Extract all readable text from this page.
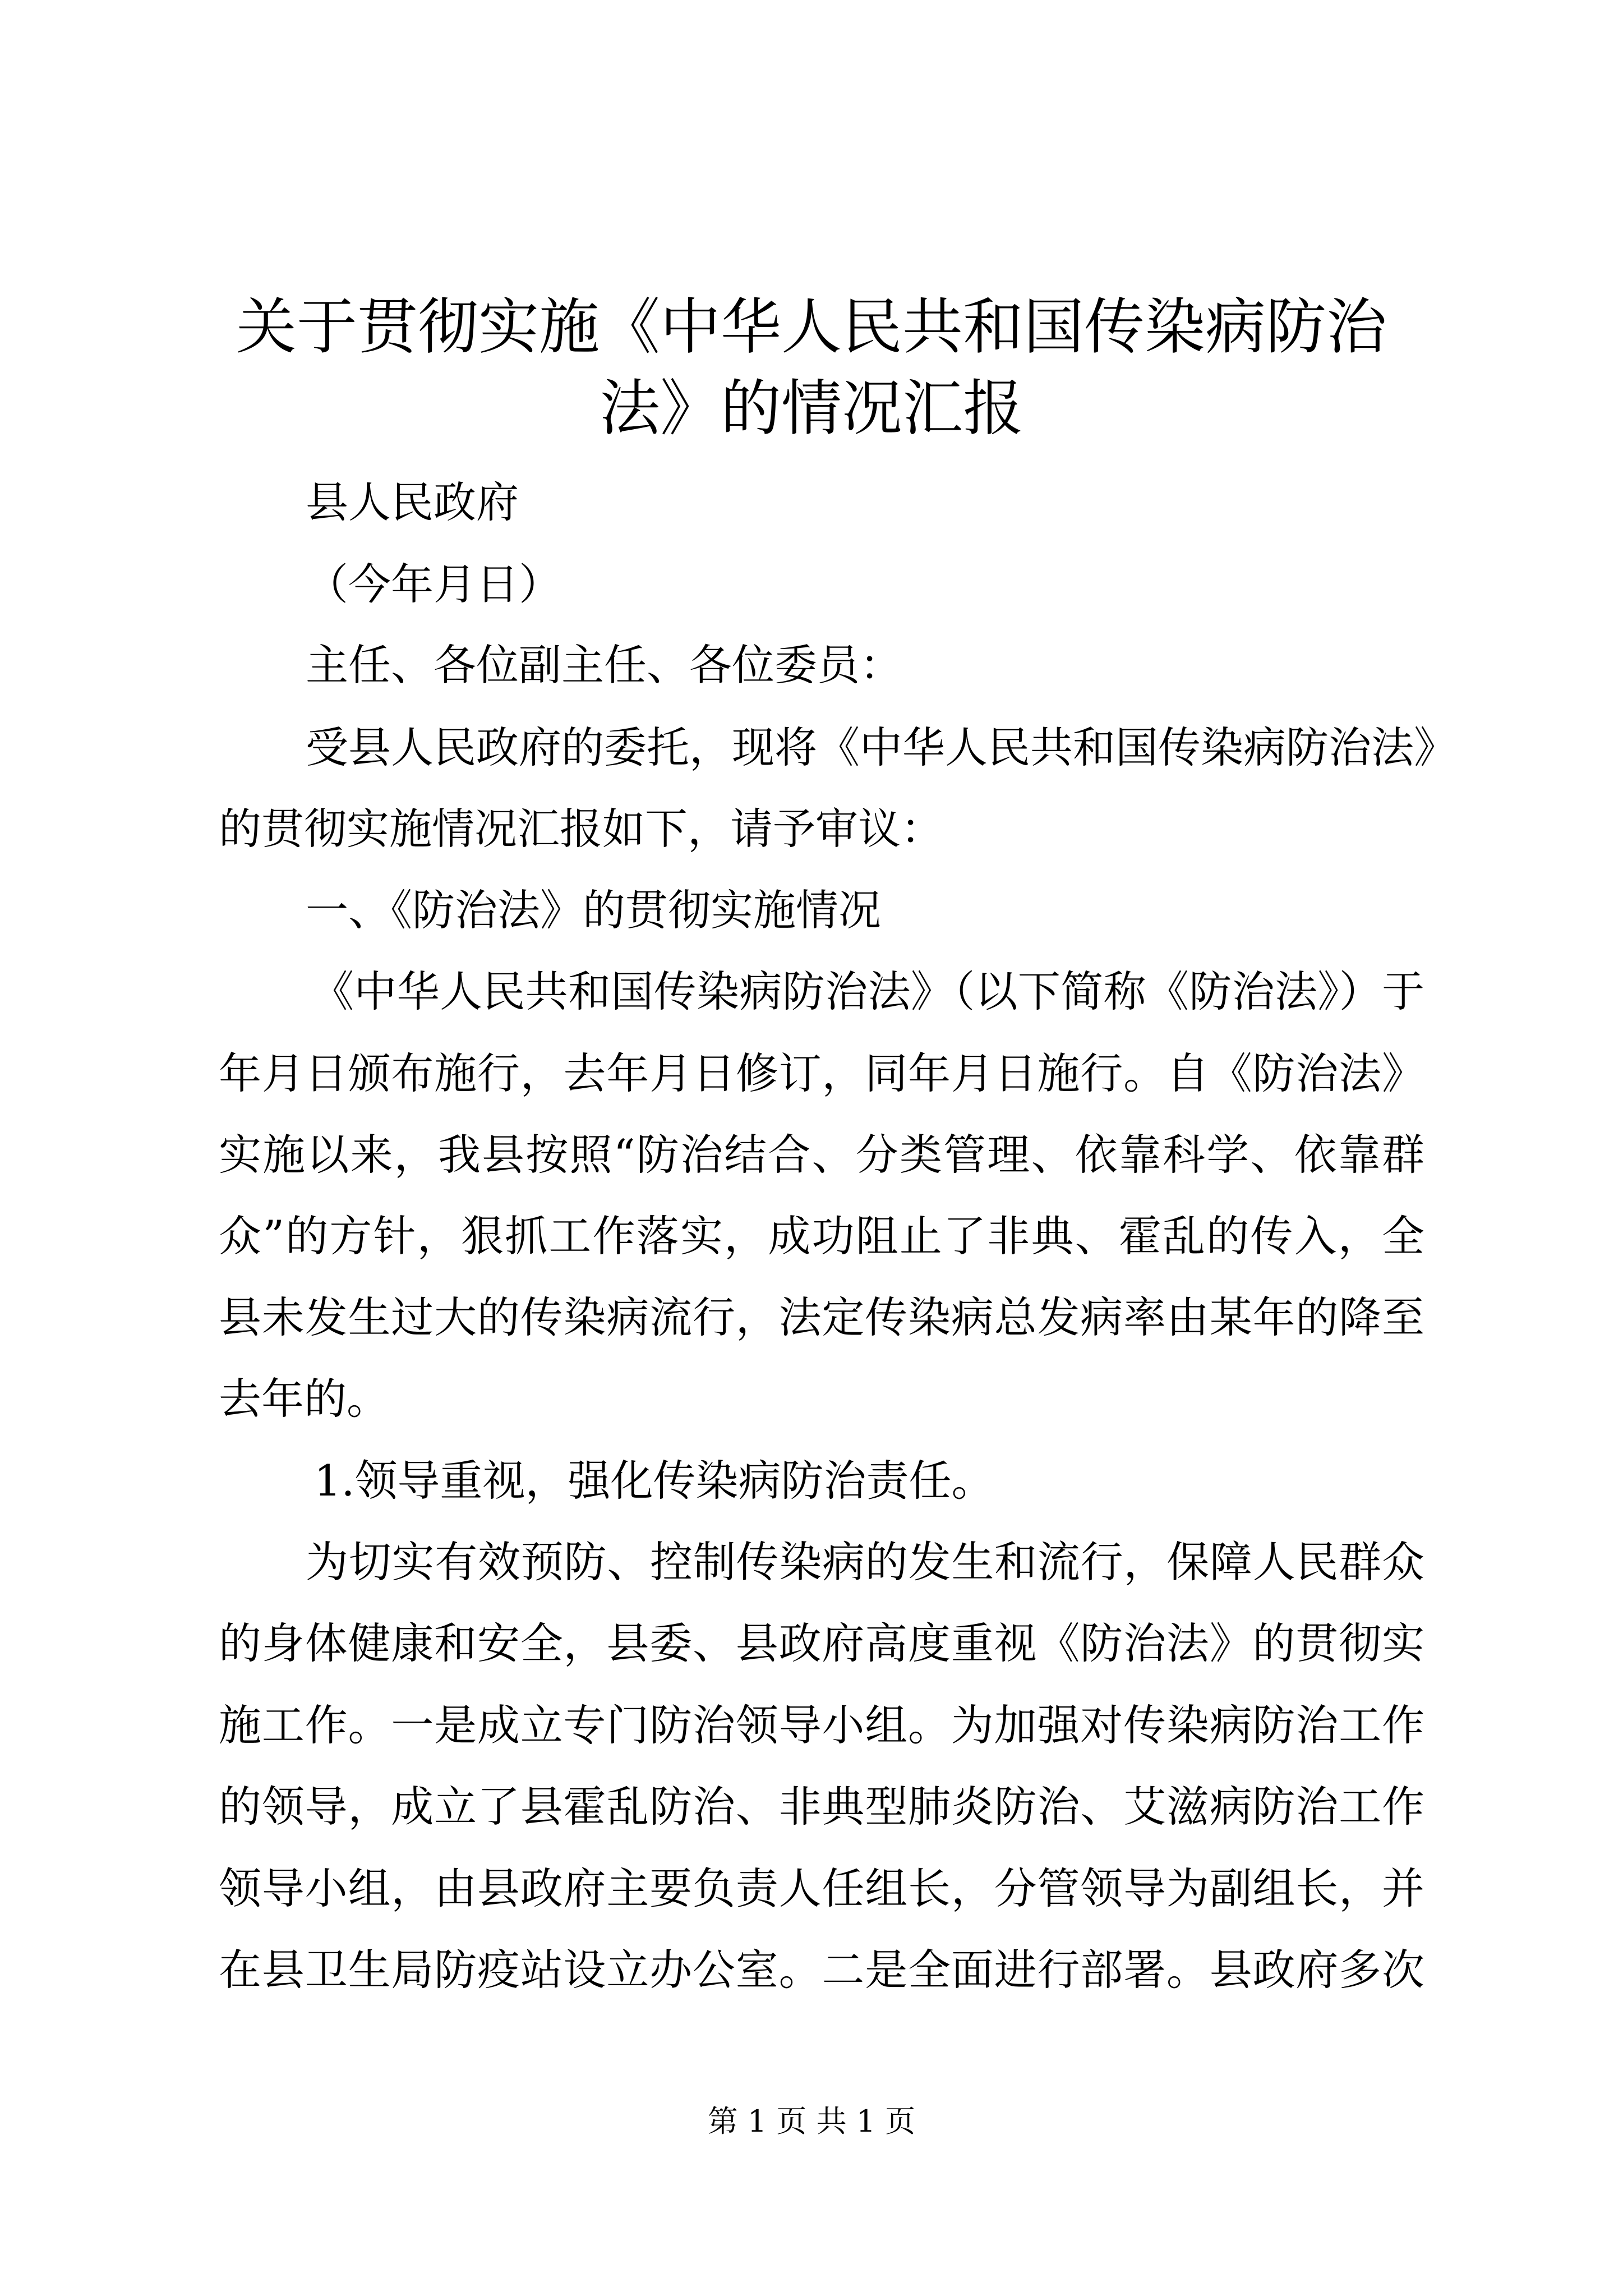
关于贯彻实施《中华人民共和国传染病防治
法》的情况汇报

县人民政府

（今年月日）

主任、各位副主任、各位委员：

受县人民政府的委托，现将《中华人民共和国传染病防治法》

的贯彻实施情况汇报如下，请予审议：

一、《防治法》的贯彻实施情况

《中华人民共和国传染病防治法》（以下简称《防治法》）于

年月日颁布施行，去年月日修订，同年月日施行。自《防治法》

实施以来，我县按照“防治结合、分类管理、依靠科学、依靠群

众”的方针，狠抓工作落实，成功阻止了非典、霍乱的传入，全

县未发生过大的传染病流行，法定传染病总发病率由某年的降至

去年的。

1.领导重视，强化传染病防治责任。

为切实有效预防、控制传染病的发生和流行，保障人民群众

的身体健康和安全，县委、县政府高度重视《防治法》的贯彻实

施工作。一是成立专门防治领导小组。为加强对传染病防治工作

的领导，成立了县霍乱防治、非典型肺炎防治、艾滋病防治工作

领导小组，由县政府主要负责人任组长，分管领导为副组长，并

在县卫生局防疫站设立办公室。二是全面进行部署。县政府多次

第 1 页 共 1 页
